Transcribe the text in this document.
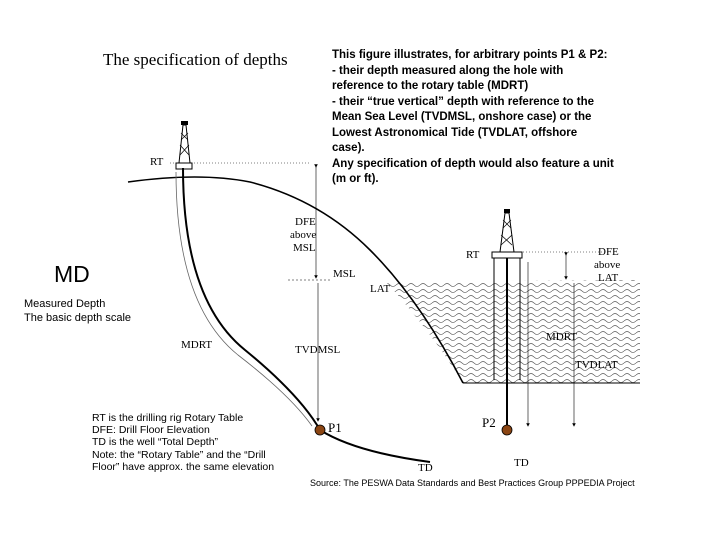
The specification of depths	This figure illustrates, for arbitrary points P1 & P2:
- their depth measured along the hole with
reference to the rotary table (MDRT)
- their “true vertical” depth with reference to the
Mean Sea Level (TVDMSL, onshore case) or the
Lowest Astronomical Tide (TVDLAT, offshore
case).
Any specification of depth would also feature a unit
(m or ft).
MD
Measured Depth
The basic depth scale
RT
DFE
above
MSL
MSL
LAT
RT	DFE
above
LAT
MDRT	TVDMSL
MDRT
TVDLAT
P1	P2
TD	TD
RT is the drilling rig Rotary Table
DFE: Drill Floor Elevation
TD is the well “Total Depth”
Note: the “Rotary Table” and the “Drill
Floor” have approx. the same elevation
Source: The PESWA Data Standards and Best Practices Group PPPEDIA Project
